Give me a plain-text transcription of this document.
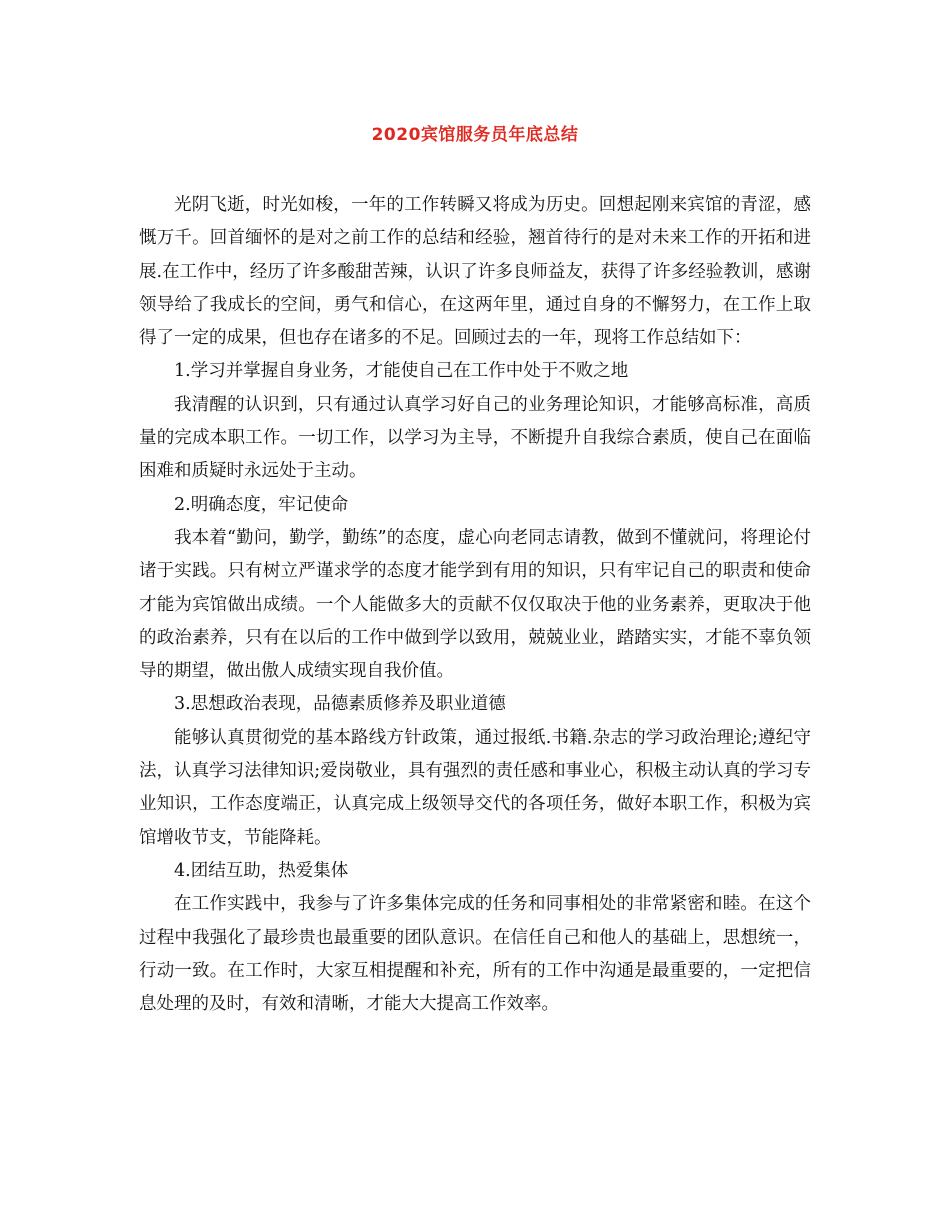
2020宾馆服务员年底总结

光阴飞逝，时光如梭，一年的工作转瞬又将成为历史。回想起刚来宾馆的青涩，感慨万千。回首缅怀的是对之前工作的总结和经验，翘首待行的是对未来工作的开拓和进展.在工作中，经历了许多酸甜苦辣，认识了许多良师益友，获得了许多经验教训，感谢领导给了我成长的空间，勇气和信心，在这两年里，通过自身的不懈努力，在工作上取得了一定的成果，但也存在诸多的不足。回顾过去的一年，现将工作总结如下：

1.学习并掌握自身业务，才能使自己在工作中处于不败之地

我清醒的认识到，只有通过认真学习好自己的业务理论知识，才能够高标准，高质量的完成本职工作。一切工作，以学习为主导，不断提升自我综合素质，使自己在面临困难和质疑时永远处于主动。

2.明确态度，牢记使命

我本着“勤问，勤学，勤练”的态度，虚心向老同志请教，做到不懂就问，将理论付诸于实践。只有树立严谨求学的态度才能学到有用的知识，只有牢记自己的职责和使命才能为宾馆做出成绩。一个人能做多大的贡献不仅仅取决于他的业务素养，更取决于他的政治素养，只有在以后的工作中做到学以致用，兢兢业业，踏踏实实，才能不辜负领导的期望，做出傲人成绩实现自我价值。

3.思想政治表现，品德素质修养及职业道德

能够认真贯彻党的基本路线方针政策，通过报纸.书籍.杂志的学习政治理论;遵纪守法，认真学习法律知识;爱岗敬业，具有强烈的责任感和事业心，积极主动认真的学习专业知识，工作态度端正，认真完成上级领导交代的各项任务，做好本职工作，积极为宾馆增收节支，节能降耗。

4.团结互助，热爱集体

在工作实践中，我参与了许多集体完成的任务和同事相处的非常紧密和睦。在这个过程中我强化了最珍贵也最重要的团队意识。在信任自己和他人的基础上，思想统一，行动一致。在工作时，大家互相提醒和补充，所有的工作中沟通是最重要的，一定把信息处理的及时，有效和清晰，才能大大提高工作效率。
